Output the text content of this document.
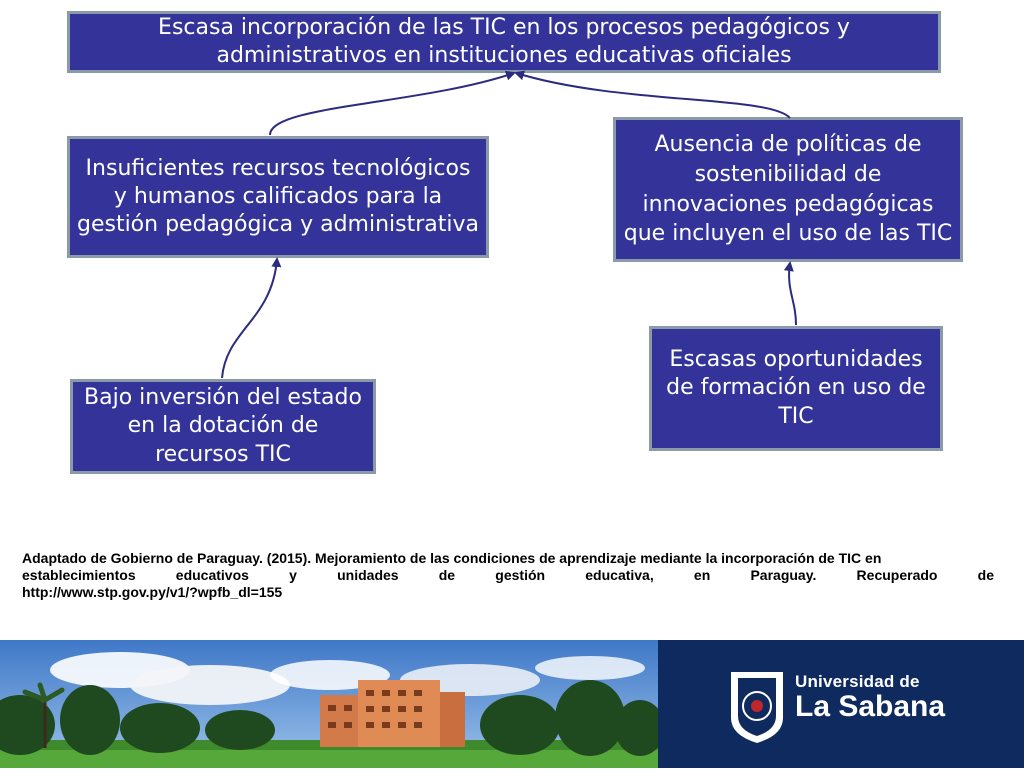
Escasa incorporación de las TIC en los procesos pedagógicos y administrativos en instituciones educativas oficiales
Insuficientes recursos tecnológicos y humanos calificados para la gestión pedagógica y administrativa
Ausencia de políticas de sostenibilidad de innovaciones pedagógicas que incluyen el uso de las TIC
Bajo inversión del estado en la dotación de recursos TIC
Escasas oportunidades de formación en uso de TIC
Adaptado de Gobierno de Paraguay. (2015). Mejoramiento de las condiciones de aprendizaje mediante la incorporación de TIC en
establecimientos educativos y unidades de gestión educativa, en Paraguay. Recuperado de
http://www.stp.gov.py/v1/?wpfb_dl=155
Universidad de
La Sabana
